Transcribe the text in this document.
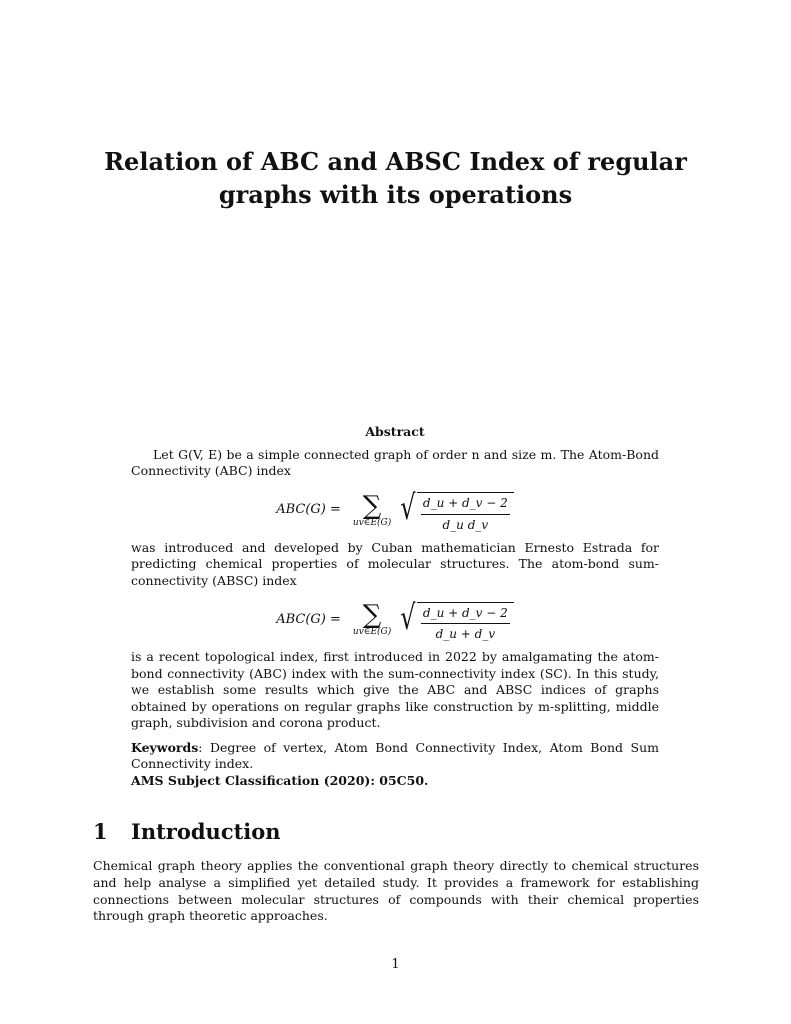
Relation of ABC and ABSC Index of regular graphs with its operations
Abstract

Let G(V, E) be a simple connected graph of order n and size m. The Atom-Bond Connectivity (ABC) index

ABC(G) = ∑
uv∈E(G) √ $\frac{d\_u + d\_v - 2}{\text{d\_u d\_v}}$

was introduced and developed by Cuban mathematician Ernesto Estrada for predicting chemical properties of molecular structures. The atom-bond sum-connectivity (ABSC) index

ABC(G) = ∑
uv∈E(G) √ $\frac{d\_u + d\_v - 2}{d\_u + d\_v}$

is a recent topological index, first introduced in 2022 by amalgamating the atom-bond connectivity (ABC) index with the sum-connectivity index (SC). In this study, we establish some results which give the ABC and ABSC indices of graphs obtained by operations on regular graphs like construction by m-splitting, middle graph, subdivision and corona product.

Keywords: Degree of vertex, Atom Bond Connectivity Index, Atom Bond Sum Connectivity index.

AMS Subject Classification (2020): 05C50.

1 Introduction

Chemical graph theory applies the conventional graph theory directly to chemical structures and help analyse a simplified yet detailed study. It provides a framework for establishing connections between molecular structures of compounds with their chemical properties through graph theoretic approaches.

1
